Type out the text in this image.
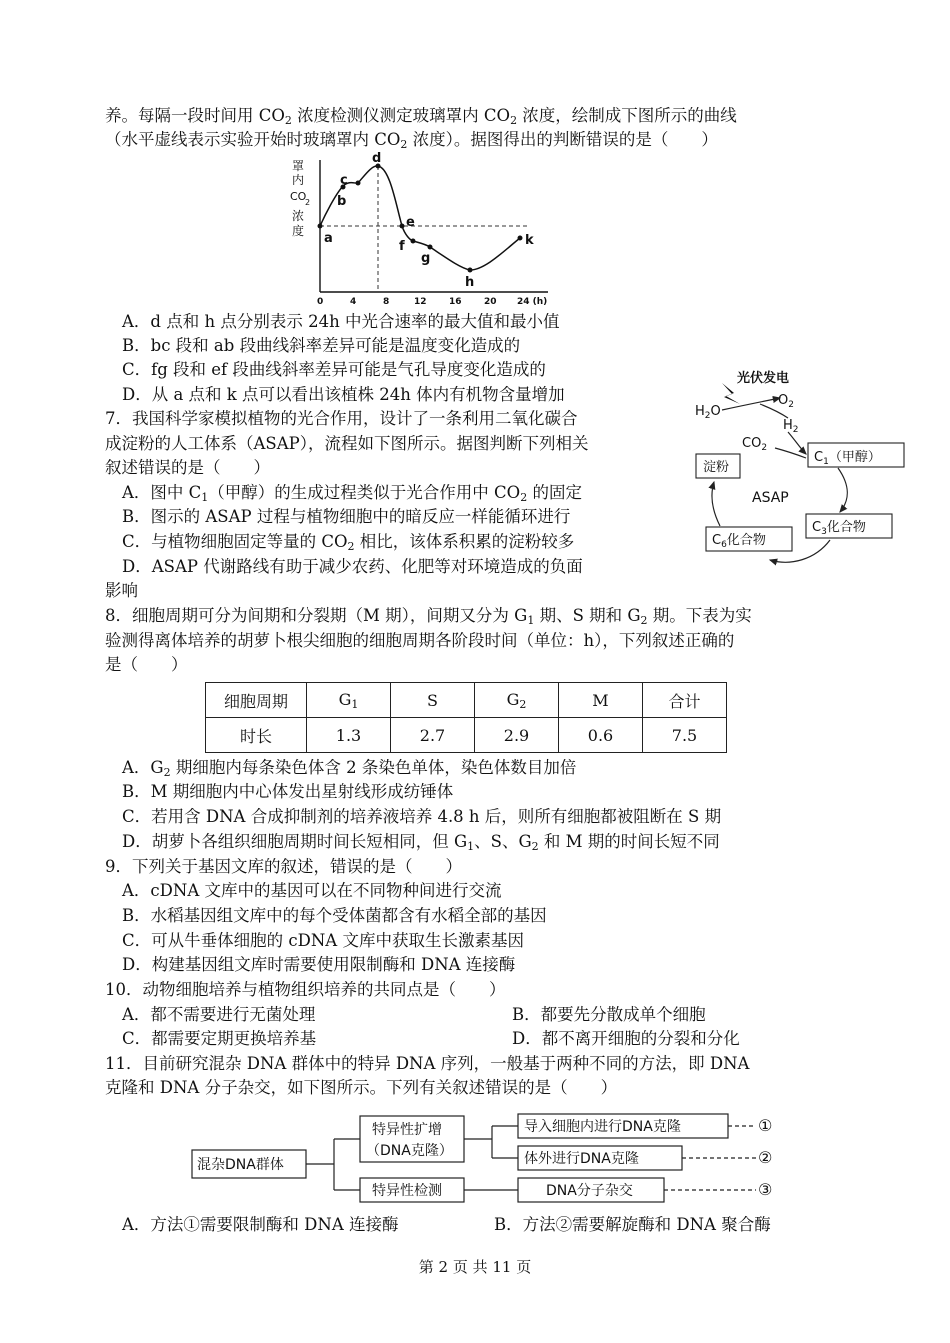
养。每隔一段时间用 $CO_2$ 浓度检测仪测定玻璃罩内 $CO_2$ 浓度，绘制成下图所示的曲线
（水平虚线表示实验开始时玻璃罩内 $CO_2$ 浓度）。据图得出的判断错误的是（　　）
罩
内
CO
2
浓
度 a
b
c
d
e
f
g
h
k
0	4	8	12 16 20 24 (h)
A．d 点和 h 点分别表示 24h 中光合速率的最大值和最小值
B．bc 段和 ab 段曲线斜率差异可能是温度变化造成的
C．fg 段和 ef 段曲线斜率差异可能是气孔导度变化造成的
D．从 a 点和 k 点可以看出该植株 24h 体内有机物含量增加
7．我国科学家模拟植物的光合作用，设计了一条利用二氧化碳合
成淀粉的人工体系（ASAP），流程如下图所示。据图判断下列相关
叙述错误的是（　　）
A．图中 $C_1$（甲醇）的生成过程类似于光合作用中 $CO_2$ 的固定
B．图示的 ASAP 过程与植物细胞中的暗反应一样能循环进行
C．与植物细胞固定等量的 $CO_2$ 相比，该体系积累的淀粉较多
D．ASAP 代谢路线有助于减少农药、化肥等对环境造成的负面
影响
光伏发电
$H_2O$
$O_2$
$H_2$
$CO_2$
$C_1$（甲醇）
淀粉
ASAP
$C_3$化合物
$C_6$化合物
8．细胞周期可分为间期和分裂期（M 期），间期又分为 $G_1$ 期、S 期和 $G_2$ 期。下表为实
验测得离体培养的胡萝卜根尖细胞的细胞周期各阶段时间（单位：h），下列叙述正确的
是（　　）
细胞周期	$G_1$	S	$G_2$	M	合计
时长	1.3	2.7	2.9	0.6	7.5
A．$G_2$ 期细胞内每条染色体含 2 条染色单体，染色体数目加倍
B．M 期细胞内中心体发出星射线形成纺锤体
C．若用含 DNA 合成抑制剂的培养液培养 4.8 h 后，则所有细胞都被阻断在 S 期
D．胡萝卜各组织细胞周期时间长短相同，但 $G_1$、S、$G_2$ 和 M 期的时间长短不同
9．下列关于基因文库的叙述，错误的是（　　）
A．cDNA 文库中的基因可以在不同物种间进行交流
B．水稻基因组文库中的每个受体菌都含有水稻全部的基因
C．可从牛垂体细胞的 cDNA 文库中获取生长激素基因
D．构建基因组文库时需要使用限制酶和 DNA 连接酶
10．动物细胞培养与植物组织培养的共同点是（　　）
A．都不需要进行无菌处理	B．都要先分散成单个细胞
C．都需要定期更换培养基	D．都不离开细胞的分裂和分化
11．目前研究混杂 DNA 群体中的特异 DNA 序列，一般基于两种不同的方法，即 DNA
克隆和 DNA 分子杂交，如下图所示。下列有关叙述错误的是（　　）
混杂DNA群体
特异性扩增
（DNA克隆）
特异性检测
导入细胞内进行DNA克隆
体外进行DNA克隆
DNA分子杂交
①
②
③
A．方法①需要限制酶和 DNA 连接酶	B．方法②需要解旋酶和 DNA 聚合酶
第 2 页 共 11 页
